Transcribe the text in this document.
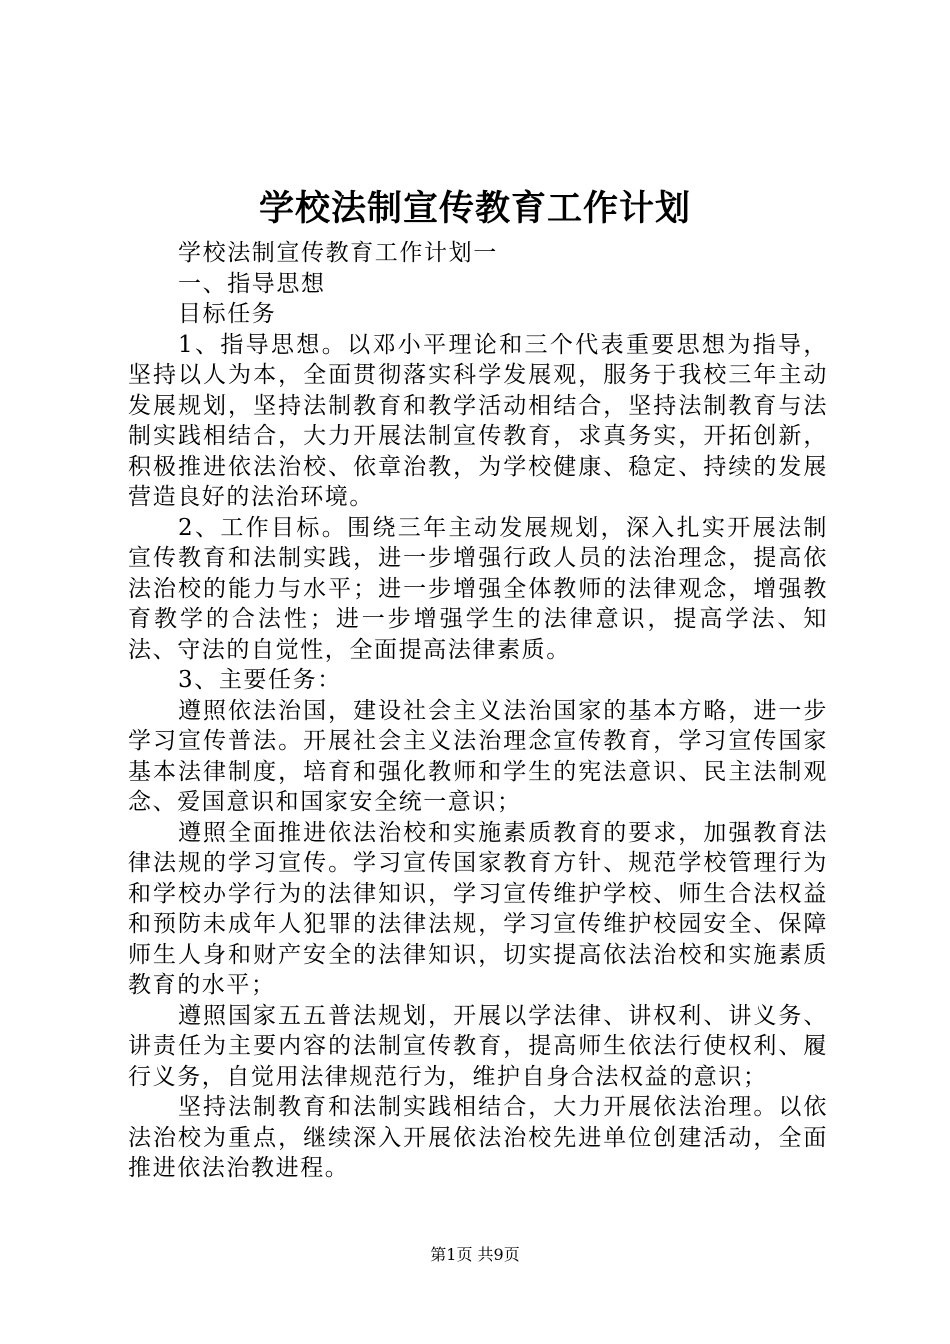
学校法制宣传教育工作计划

学校法制宣传教育工作计划一

一、指导思想

目标任务

1、指导思想。以邓小平理论和三个代表重要思想为指导，坚持以人为本，全面贯彻落实科学发展观，服务于我校三年主动发展规划，坚持法制教育和教学活动相结合，坚持法制教育与法制实践相结合，大力开展法制宣传教育，求真务实，开拓创新，积极推进依法治校、依章治教，为学校健康、稳定、持续的发展营造良好的法治环境。

2、工作目标。围绕三年主动发展规划，深入扎实开展法制宣传教育和法制实践，进一步增强行政人员的法治理念，提高依法治校的能力与水平；进一步增强全体教师的法律观念，增强教育教学的合法性；进一步增强学生的法律意识，提高学法、知法、守法的自觉性，全面提高法律素质。

3、主要任务：

遵照依法治国，建设社会主义法治国家的基本方略，进一步学习宣传普法。开展社会主义法治理念宣传教育，学习宣传国家基本法律制度，培育和强化教师和学生的宪法意识、民主法制观念、爱国意识和国家安全统一意识；

遵照全面推进依法治校和实施素质教育的要求，加强教育法律法规的学习宣传。学习宣传国家教育方针、规范学校管理行为和学校办学行为的法律知识，学习宣传维护学校、师生合法权益和预防未成年人犯罪的法律法规，学习宣传维护校园安全、保障师生人身和财产安全的法律知识，切实提高依法治校和实施素质教育的水平；

遵照国家五五普法规划，开展以学法律、讲权利、讲义务、讲责任为主要内容的法制宣传教育，提高师生依法行使权利、履行义务，自觉用法律规范行为，维护自身合法权益的意识；

坚持法制教育和法制实践相结合，大力开展依法治理。以依法治校为重点，继续深入开展依法治校先进单位创建活动，全面推进依法治教进程。

第1页 共9页
